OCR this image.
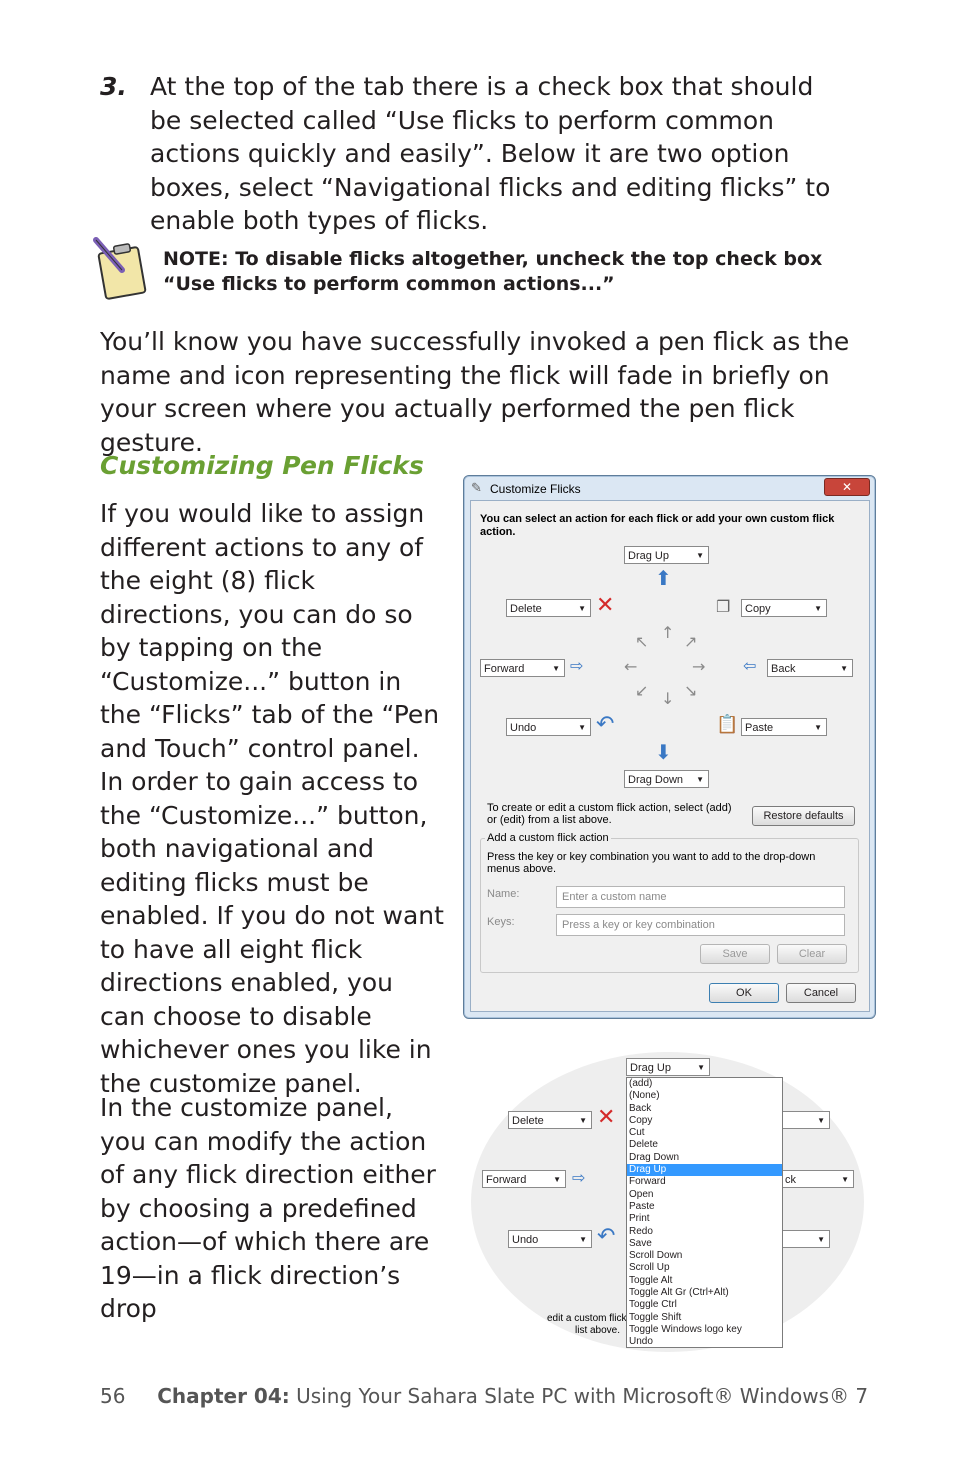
3. At the top of the tab there is a check box that should be selected called “Use flicks to perform common actions quickly and easily”. Below it are two option boxes, select “Navigational flicks and editing flicks” to enable both types of flicks.
NOTE: To disable flicks altogether, uncheck the top check box “Use flicks to perform common actions...”
You’ll know you have successfully invoked a pen flick as the name and icon representing the flick will fade in briefly on your screen where you actually performed the pen flick gesture.
Customizing Pen Flicks
If you would like to assign different actions to any of the eight (8) flick directions, you can do so by tapping on the “Customize...” button in the “Flicks” tab of the “Pen and Touch” control panel. In order to gain access to the “Customize...” button, both navigational and editing flicks must be enabled. If you do not want to have all eight flick directions enabled, you can choose to disable whichever ones you like in the customize panel.
In the customize panel, you can modify the action of any flick direction either by choosing a predefined action—of which there are 19—in a flick direction’s drop
✎ Customize Flicks	✕
You can select an action for each flick or add your own custom flick action.
Drag Up	▼
⬆
Delete	▼ ✕	❐	Copy	▼
Forward	▼ ⇨	⇦	Back	▼
Undo	▼ ↶	📋 Paste	▼
⬇
Drag Down ▼
↑
↓
←	→
↖ ↗
↙ ↘
To create or edit a custom flick action, select (add) or (edit) from a list above.	Restore defaults
Add a custom flick action
Press the key or key combination you want to add to the drop-down menus above.
Name:	Enter a custom name
Keys:	Press a key or key combination
Save	Clear
OK	Cancel
Drag Up	▼
Delete	▼ ✕
Forward	▼ ⇨
Undo	▼ ↶
▼
ck	▼
▼
edit a custom flick
list above.
(add)
(None)
Back
Copy
Cut
Delete
Drag Down
Drag Up
Forward
Open
Paste
Print
Redo
Save
Scroll Down
Scroll Up
Toggle Alt
Toggle Alt Gr (Ctrl+Alt)
Toggle Ctrl
Toggle Shift
Toggle Windows logo key
Undo
56 Chapter 04: Using Your Sahara Slate PC with Microsoft® Windows® 7
